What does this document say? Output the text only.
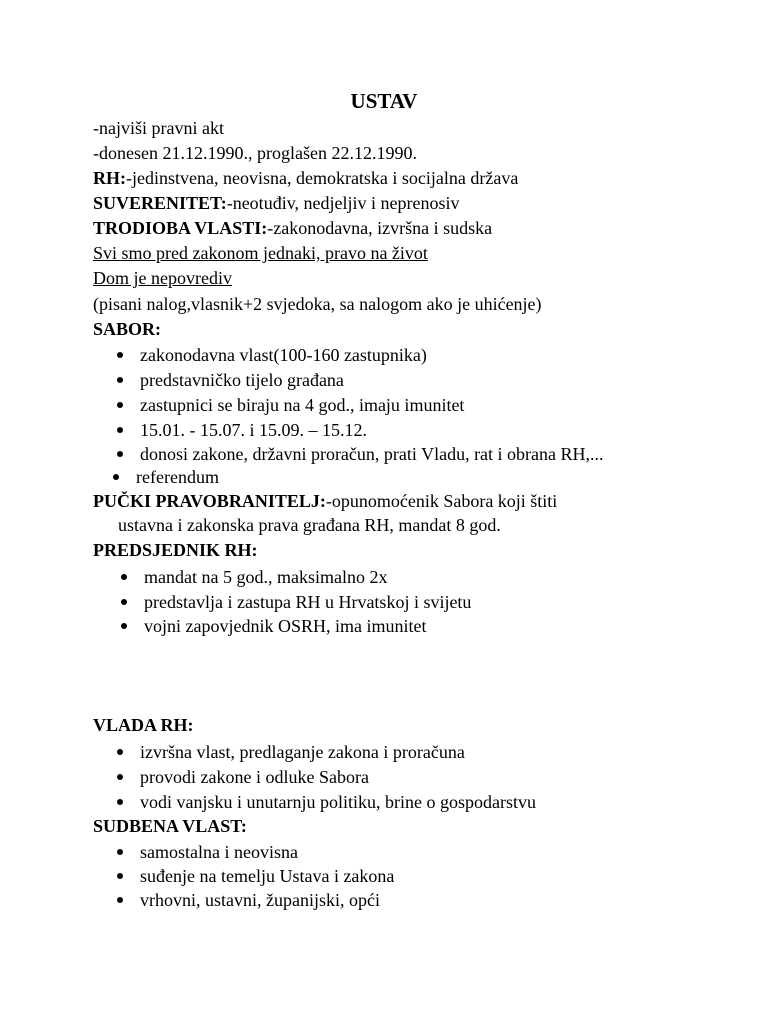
USTAV
-najviši pravni akt
-donesen 21.12.1990., proglašen 22.12.1990.
RH:-jedinstvena, neovisna, demokratska i socijalna država
SUVERENITET:-neotuđiv, nedjeljiv i neprenosiv
TRODIOBA VLASTI:-zakonodavna, izvršna i sudska
Svi smo pred zakonom jednaki, pravo na život
Dom je nepovrediv
(pisani nalog,vlasnik+2 svjedoka, sa nalogom ako je uhićenje)
SABOR:
zakonodavna vlast(100-160 zastupnika)
predstavničko tijelo građana
zastupnici se biraju na 4 god., imaju imunitet
15.01. - 15.07. i 15.09. – 15.12.
donosi zakone, državni proračun, prati Vladu, rat i obrana RH,...
referendum
PUČKI PRAVOBRANITELJ:-opunomoćenik Sabora koji štiti
ustavna i zakonska prava građana RH, mandat 8 god.
PREDSJEDNIK RH:
mandat na 5 god., maksimalno 2x
predstavlja i zastupa RH u Hrvatskoj i svijetu
vojni zapovjednik OSRH, ima imunitet
VLADA RH:
izvršna vlast, predlaganje zakona i proračuna
provodi zakone i odluke Sabora
vodi vanjsku i unutarnju politiku, brine o gospodarstvu
SUDBENA VLAST:
samostalna i neovisna
suđenje na temelju Ustava i zakona
vrhovni, ustavni, županijski, opći
